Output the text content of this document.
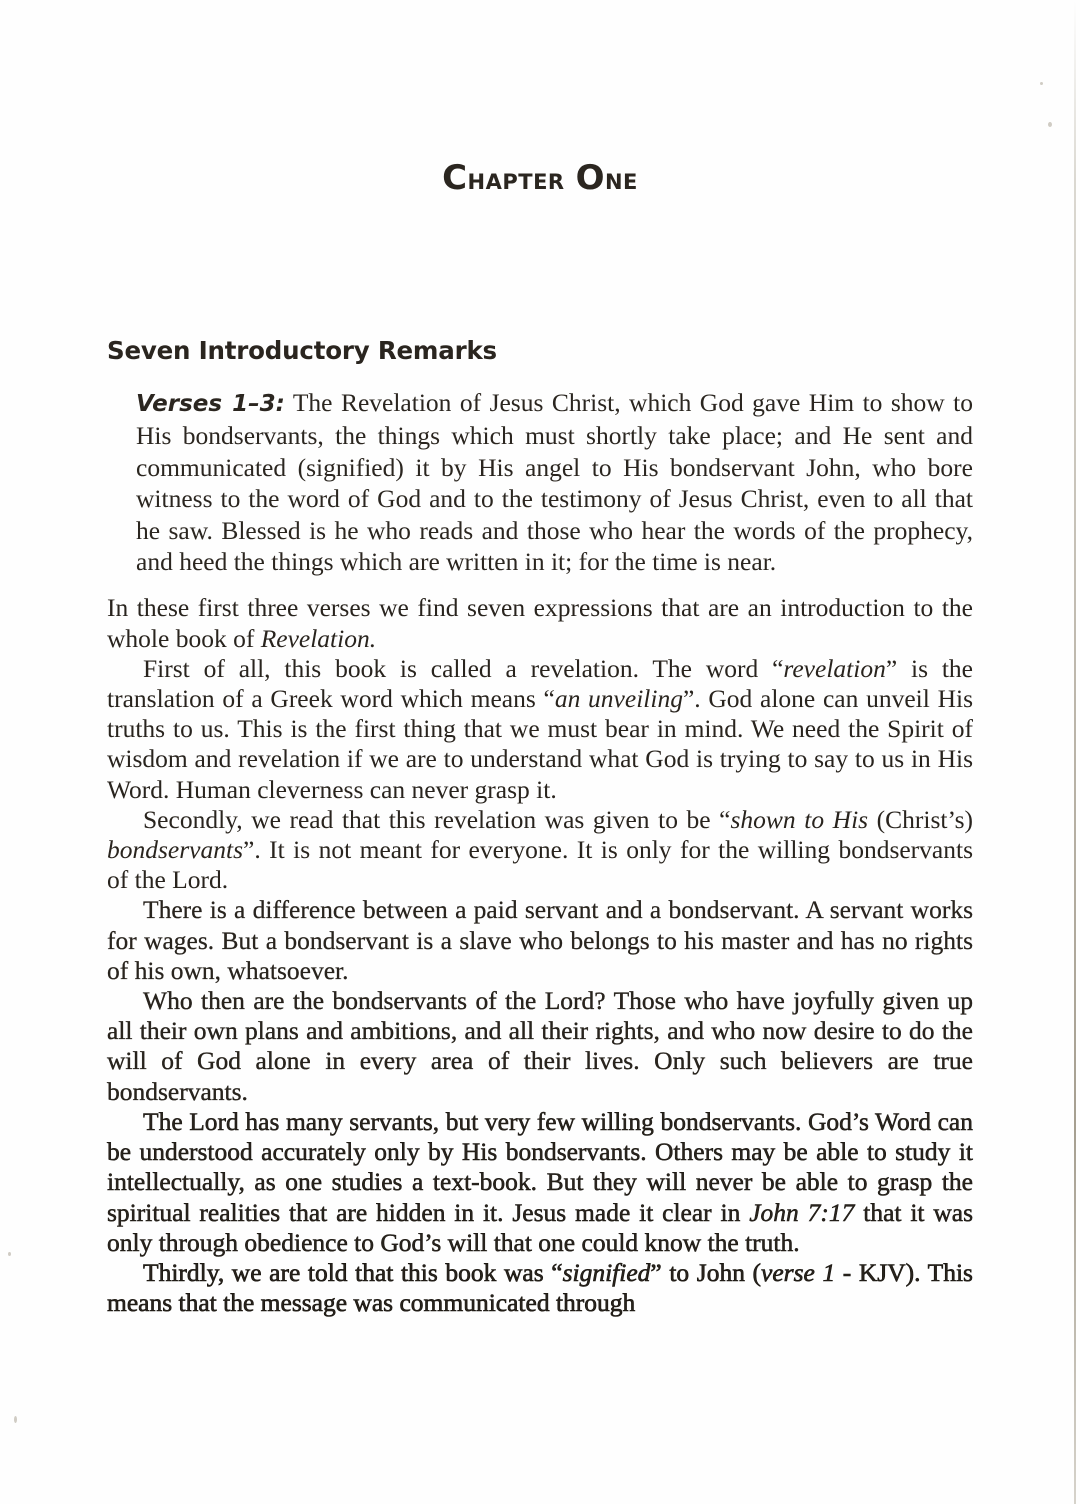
Chapter One
Seven Introductory Remarks
Verses 1–3: The Revelation of Jesus Christ, which God gave Him to show to His bondservants, the things which must shortly take place; and He sent and communicated (signified) it by His angel to His bondservant John, who bore witness to the word of God and to the testimony of Jesus Christ, even to all that he saw. Blessed is he who reads and those who hear the words of the prophecy, and heed the things which are written in it; for the time is near.

In these first three verses we find seven expressions that are an introduction to the whole book of Revelation.

First of all, this book is called a revelation. The word “revelation” is the translation of a Greek word which means “an unveiling”. God alone can unveil His truths to us. This is the first thing that we must bear in mind. We need the Spirit of wisdom and revelation if we are to understand what God is trying to say to us in His Word. Human cleverness can never grasp it.

Secondly, we read that this revelation was given to be “shown to His (Christ’s) bondservants”. It is not meant for everyone. It is only for the willing bondservants of the Lord.

There is a difference between a paid servant and a bondservant. A servant works for wages. But a bondservant is a slave who belongs to his master and has no rights of his own, whatsoever.

Who then are the bondservants of the Lord? Those who have joyfully given up all their own plans and ambitions, and all their rights, and who now desire to do the will of God alone in every area of their lives. Only such believers are true bondservants.

The Lord has many servants, but very few willing bondservants. God’s Word can be understood accurately only by His bondservants. Others may be able to study it intellectually, as one studies a text-book. But they will never be able to grasp the spiritual realities that are hidden in it. Jesus made it clear in John 7:17 that it was only through obedience to God’s will that one could know the truth.

Thirdly, we are told that this book was “signified” to John (verse 1 - KJV). This means that the message was communicated through
